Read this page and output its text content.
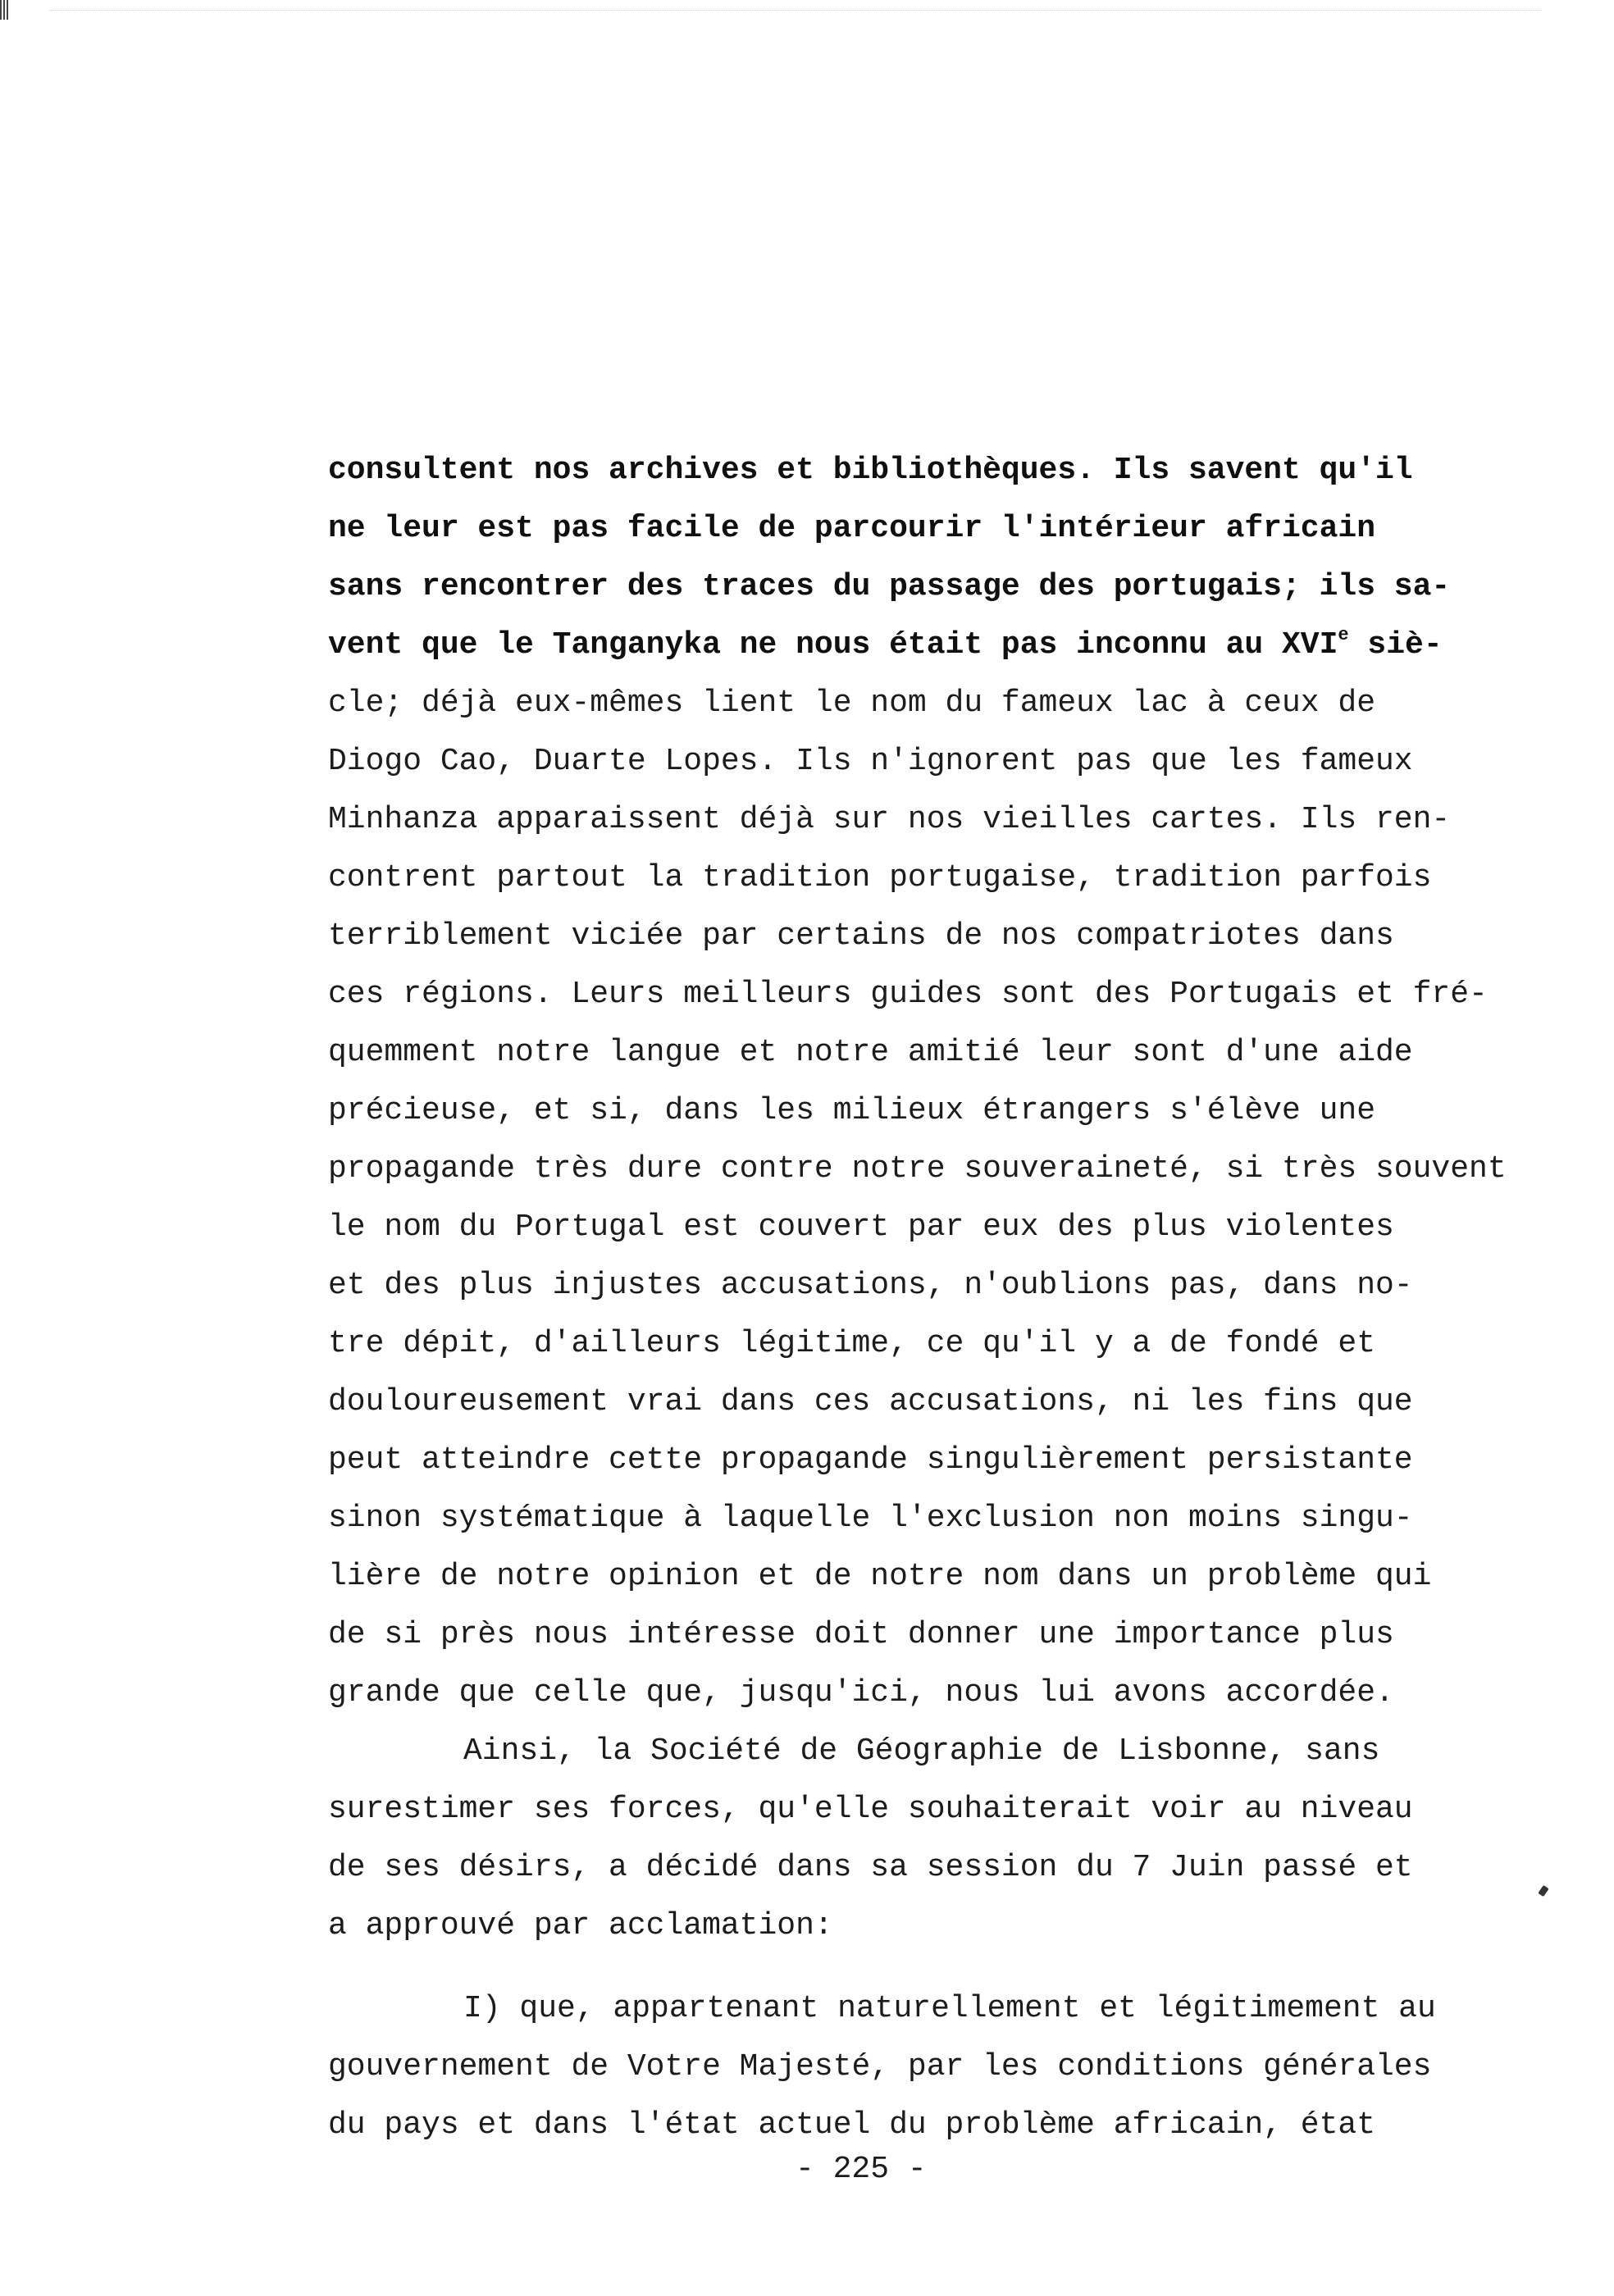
consultent nos archives et bibliothèques. Ils savent qu'il
ne leur est pas facile de parcourir l'intérieur africain
sans rencontrer des traces du passage des portugais; ils sa-
vent que le Tanganyka ne nous était pas inconnu au XVIe siè-
cle; déjà eux-mêmes lient le nom du fameux lac à ceux de
Diogo Cao, Duarte Lopes. Ils n'ignorent pas que les fameux
Minhanza apparaissent déjà sur nos vieilles cartes. Ils ren-
contrent partout la tradition portugaise, tradition parfois
terriblement viciée par certains de nos compatriotes dans
ces régions. Leurs meilleurs guides sont des Portugais et fré-
quemment notre langue et notre amitié leur sont d'une aide
précieuse, et si, dans les milieux étrangers s'élève une
propagande très dure contre notre souveraineté, si très souvent
le nom du Portugal est couvert par eux des plus violentes
et des plus injustes accusations, n'oublions pas, dans no-
tre dépit, d'ailleurs légitime, ce qu'il y a de fondé et
douloureusement vrai dans ces accusations, ni les fins que
peut atteindre cette propagande singulièrement persistante
sinon systématique à laquelle l'exclusion non moins singu-
lière de notre opinion et de notre nom dans un problème qui
de si près nous intéresse doit donner une importance plus
grande que celle que, jusqu'ici, nous lui avons accordée.
Ainsi, la Société de Géographie de Lisbonne, sans
surestimer ses forces, qu'elle souhaiterait voir au niveau
de ses désirs, a décidé dans sa session du 7 Juin passé et
a approuvé par acclamation:
I) que, appartenant naturellement et légitimement au
gouvernement de Votre Majesté, par les conditions générales
du pays et dans l'état actuel du problème africain, état
- 225 -
